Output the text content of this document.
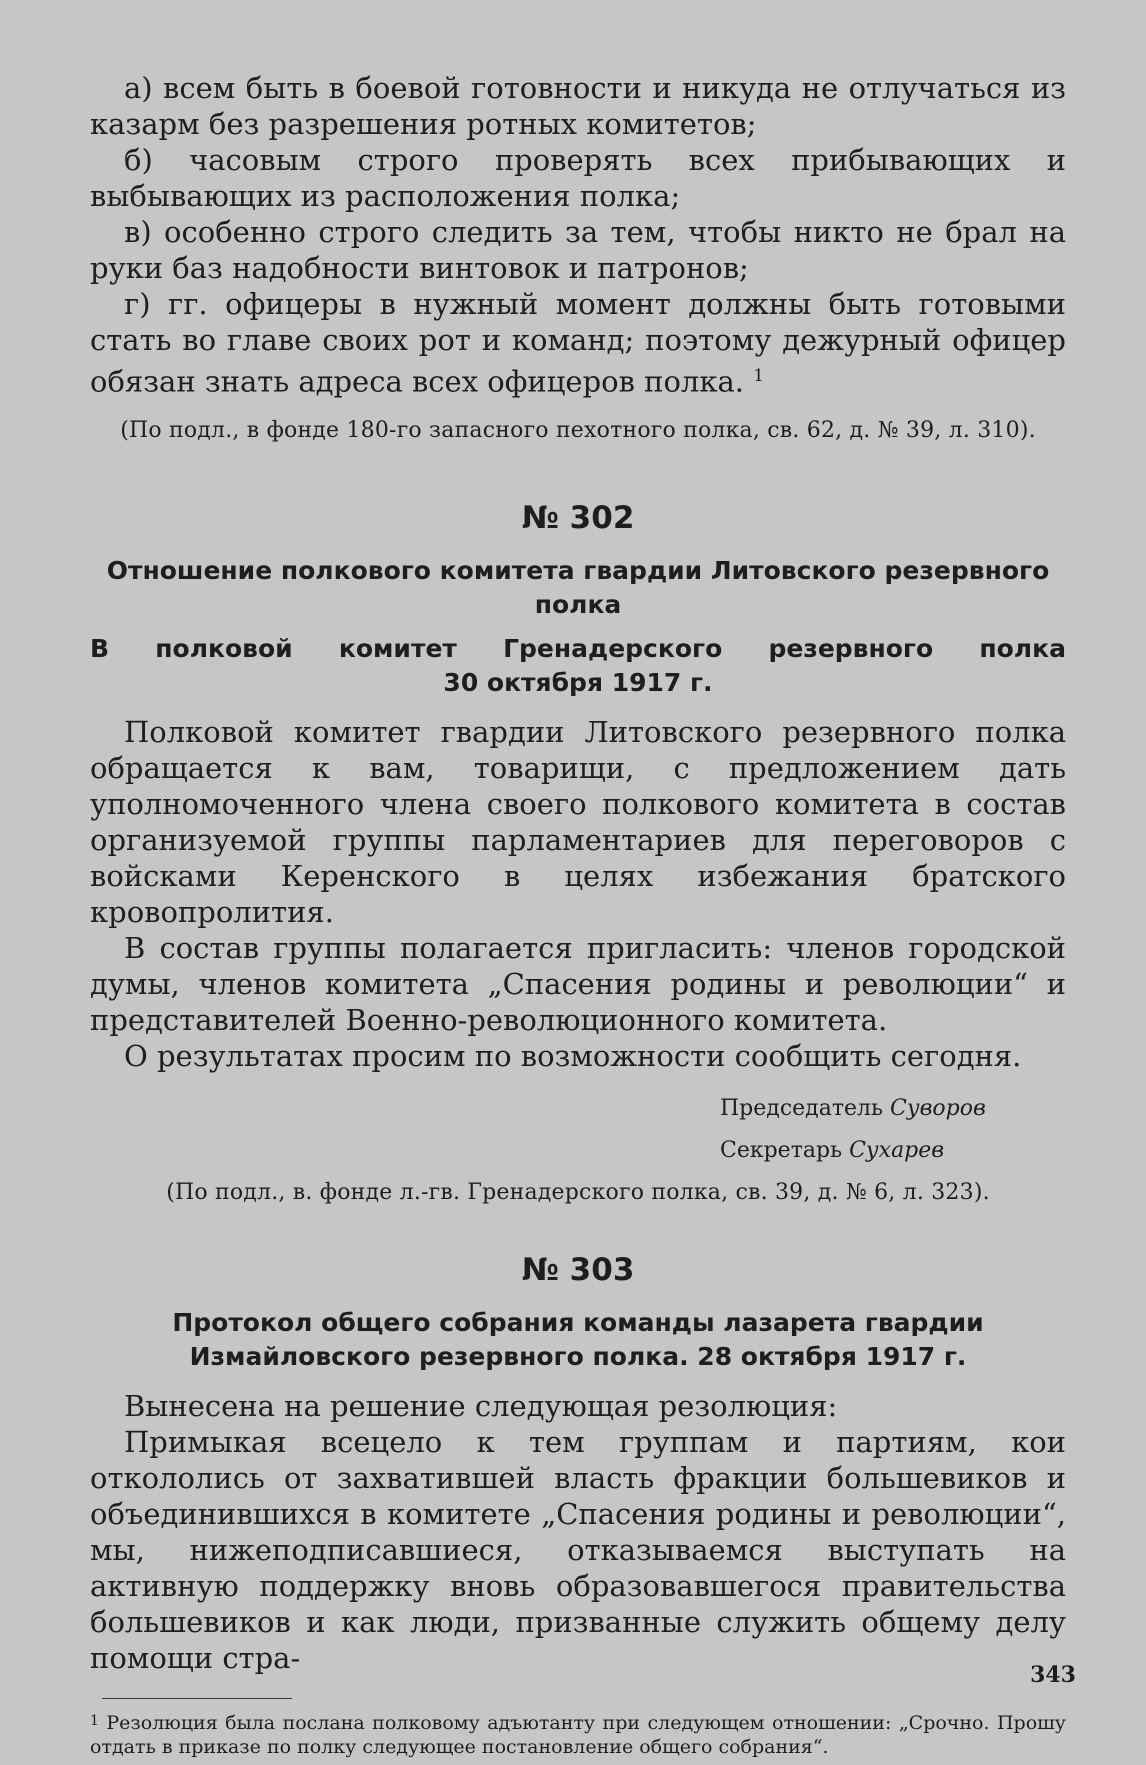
а) всем быть в боевой готовности и никуда не отлучаться из казарм без разрешения ротных комитетов;

б) часовым строго проверять всех прибывающих и выбывающих из расположения полка;

в) особенно строго следить за тем, чтобы никто не брал на руки баз надобности винтовок и патронов;

г) гг. офицеры в нужный момент должны быть готовыми стать во главе своих рот и команд; поэтому дежурный офицер обязан знать адреса всех офицеров полка. $^1$

(По подл., в фонде 180-го запасного пехотного полка, св. 62, д. № 39, л. 310).

№ 302
Отношение полкового комитета гвардии Литовского резервного полка
В полковой комитет Гренадерского резервного полка
30 октября 1917 г.

Полковой комитет гвардии Литовского резервного полка обращается к вам, товарищи, с предложением дать уполномоченного члена своего полкового комитета в состав организуемой группы парламентариев для переговоров с войсками Керенского в целях избежания братского кровопролития.

В состав группы полагается пригласить: членов городской думы, членов комитета „Спасения родины и революции“ и представителей Военно-революционного комитета.

О результатах просим по возможности сообщить сегодня.

Председатель Суворов
Секретарь Сухарев

(По подл., в. фонде л.-гв. Гренадерского полка, св. 39, д. № 6, л. 323).

№ 303
Протокол общего собрания команды лазарета гвардии Измайловского резервного полка. 28 октября 1917 г.

Вынесена на решение следующая резолюция:

Примыкая всецело к тем группам и партиям, кои откололись от захватившей власть фракции большевиков и объединившихся в комитете „Спасения родины и революции“, мы, нижеподписавшиеся, отказываемся выступать на активную поддержку вновь образовавшегося правительства большевиков и как люди, призванные служить общему делу помощи стра-

$^1$ Резолюция была послана полковому адъютанту при следующем отношении: „Срочно. Прошу отдать в приказе по полку следующее постановление общего собрания“.
343
